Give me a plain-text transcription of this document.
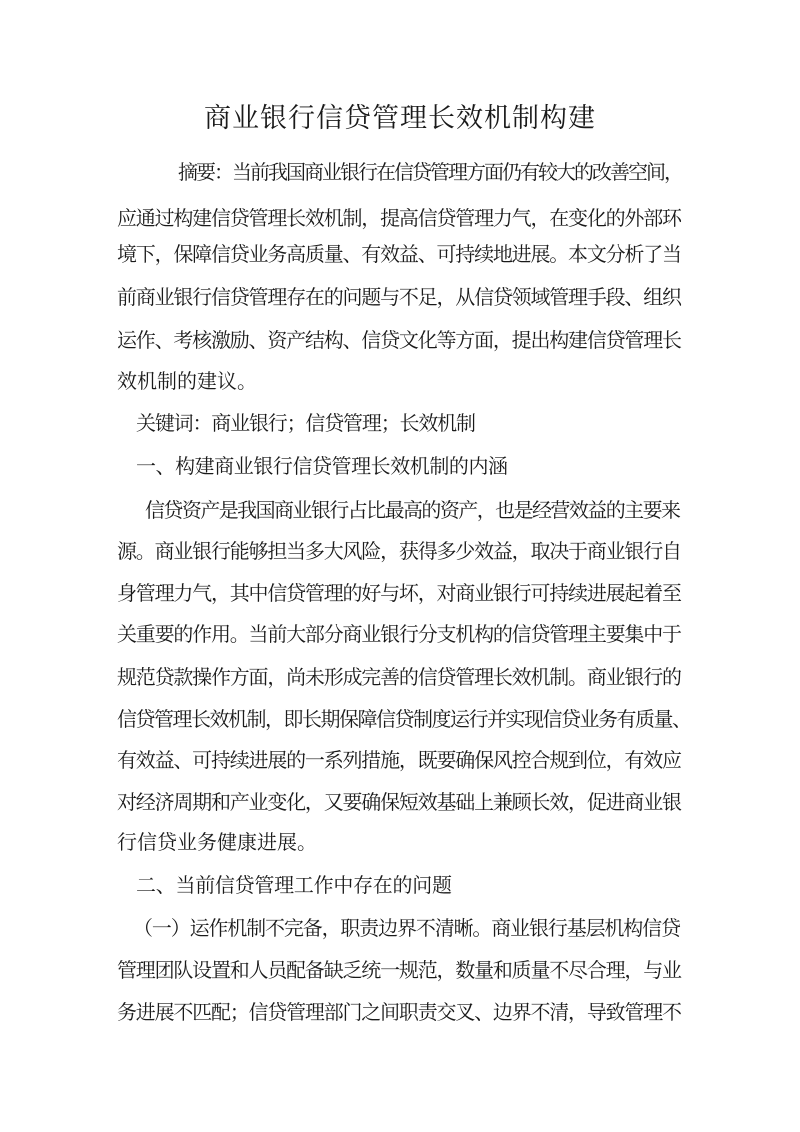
商业银行信贷管理长效机制构建
摘要：当前我国商业银行在信贷管理方面仍有较大的改善空间，
应通过构建信贷管理长效机制，提高信贷管理力气，在变化的外部环
境下，保障信贷业务高质量、有效益、可持续地进展。本文分析了当
前商业银行信贷管理存在的问题与不足，从信贷领域管理手段、组织
运作、考核激励、资产结构、信贷文化等方面，提出构建信贷管理长
效机制的建议。
关键词：商业银行；信贷管理；长效机制
一、构建商业银行信贷管理长效机制的内涵
信贷资产是我国商业银行占比最高的资产，也是经营效益的主要来
源。商业银行能够担当多大风险，获得多少效益，取决于商业银行自
身管理力气，其中信贷管理的好与坏，对商业银行可持续进展起着至
关重要的作用。当前大部分商业银行分支机构的信贷管理主要集中于
规范贷款操作方面，尚未形成完善的信贷管理长效机制。商业银行的
信贷管理长效机制，即长期保障信贷制度运行并实现信贷业务有质量、
有效益、可持续进展的一系列措施，既要确保风控合规到位，有效应
对经济周期和产业变化，又要确保短效基础上兼顾长效，促进商业银
行信贷业务健康进展。
二、当前信贷管理工作中存在的问题
（一）运作机制不完备，职责边界不清晰。商业银行基层机构信贷
管理团队设置和人员配备缺乏统一规范，数量和质量不尽合理，与业
务进展不匹配；信贷管理部门之间职责交叉、边界不清，导致管理不
